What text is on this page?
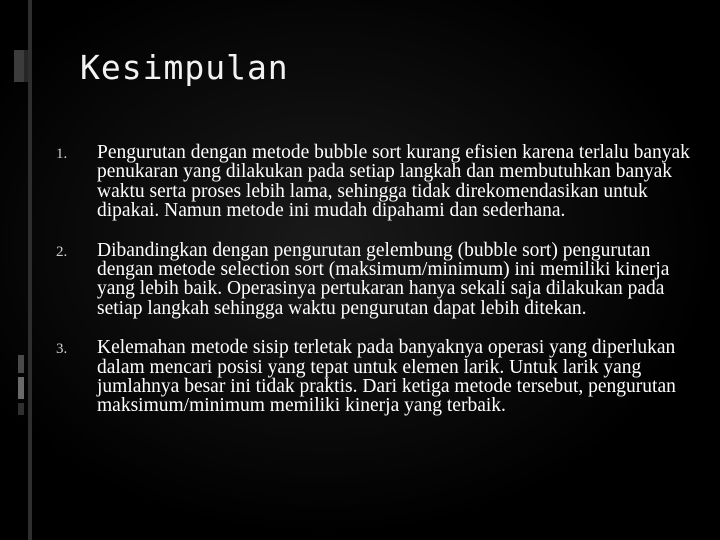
Kesimpulan
1. Pengurutan dengan metode bubble sort kurang efisien karena terlalu banyak penukaran yang dilakukan pada setiap langkah dan membutuhkan banyak waktu serta proses lebih lama, sehingga tidak direkomendasikan untuk dipakai. Namun metode ini mudah dipahami dan sederhana.
2. Dibandingkan dengan pengurutan gelembung (bubble sort) pengurutan dengan metode selection sort (maksimum/minimum) ini memiliki kinerja yang lebih baik. Operasinya pertukaran hanya sekali saja dilakukan pada setiap langkah sehingga waktu pengurutan dapat lebih ditekan.
3. Kelemahan metode sisip terletak pada banyaknya operasi yang diperlukan dalam mencari posisi yang tepat untuk elemen larik. Untuk larik yang jumlahnya besar ini tidak praktis. Dari ketiga metode tersebut, pengurutan maksimum/minimum memiliki kinerja yang terbaik.
